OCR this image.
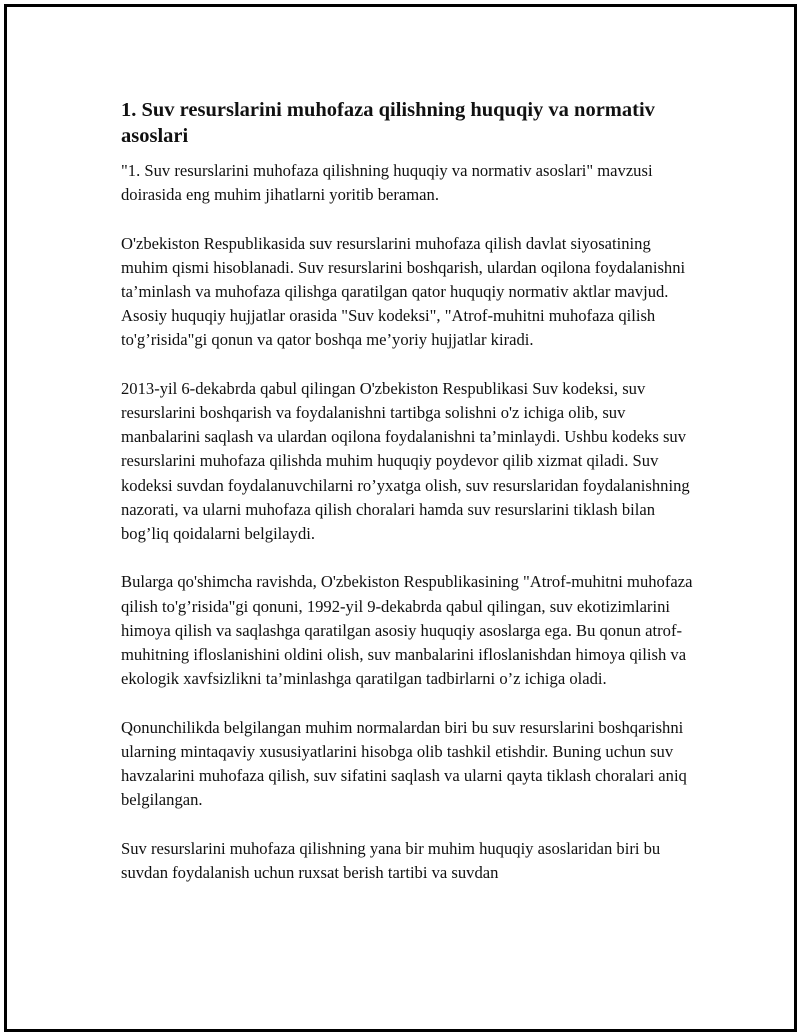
1. Suv resurslarini muhofaza qilishning huquqiy va normativ asoslari

"1. Suv resurslarini muhofaza qilishning huquqiy va normativ asoslari" mavzusi doirasida eng muhim jihatlarni yoritib beraman.

O'zbekiston Respublikasida suv resurslarini muhofaza qilish davlat siyosatining muhim qismi hisoblanadi. Suv resurslarini boshqarish, ulardan oqilona foydalanishni ta’minlash va muhofaza qilishga qaratilgan qator huquqiy normativ aktlar mavjud. Asosiy huquqiy hujjatlar orasida "Suv kodeksi", "Atrof-muhitni muhofaza qilish to'g’risida"gi qonun va qator boshqa me’yoriy hujjatlar kiradi.

2013-yil 6-dekabrda qabul qilingan O'zbekiston Respublikasi Suv kodeksi, suv resurslarini boshqarish va foydalanishni tartibga solishni o'z ichiga olib, suv manbalarini saqlash va ulardan oqilona foydalanishni ta’minlaydi. Ushbu kodeks suv resurslarini muhofaza qilishda muhim huquqiy poydevor qilib xizmat qiladi. Suv kodeksi suvdan foydalanuvchilarni ro’yxatga olish, suv resurslaridan foydalanishning nazorati, va ularni muhofaza qilish choralari hamda suv resurslarini tiklash bilan bog’liq qoidalarni belgilaydi.

Bularga qo'shimcha ravishda, O'zbekiston Respublikasining "Atrof-muhitni muhofaza qilish to'g’risida"gi qonuni, 1992-yil 9-dekabrda qabul qilingan, suv ekotizimlarini himoya qilish va saqlashga qaratilgan asosiy huquqiy asoslarga ega. Bu qonun atrof-muhitning ifloslanishini oldini olish, suv manbalarini ifloslanishdan himoya qilish va ekologik xavfsizlikni ta’minlashga qaratilgan tadbirlarni o’z ichiga oladi.

Qonunchilikda belgilangan muhim normalardan biri bu suv resurslarini boshqarishni ularning mintaqaviy xususiyatlarini hisobga olib tashkil etishdir. Buning uchun suv havzalarini muhofaza qilish, suv sifatini saqlash va ularni qayta tiklash choralari aniq belgilangan.

Suv resurslarini muhofaza qilishning yana bir muhim huquqiy asoslaridan biri bu suvdan foydalanish uchun ruxsat berish tartibi va suvdan
